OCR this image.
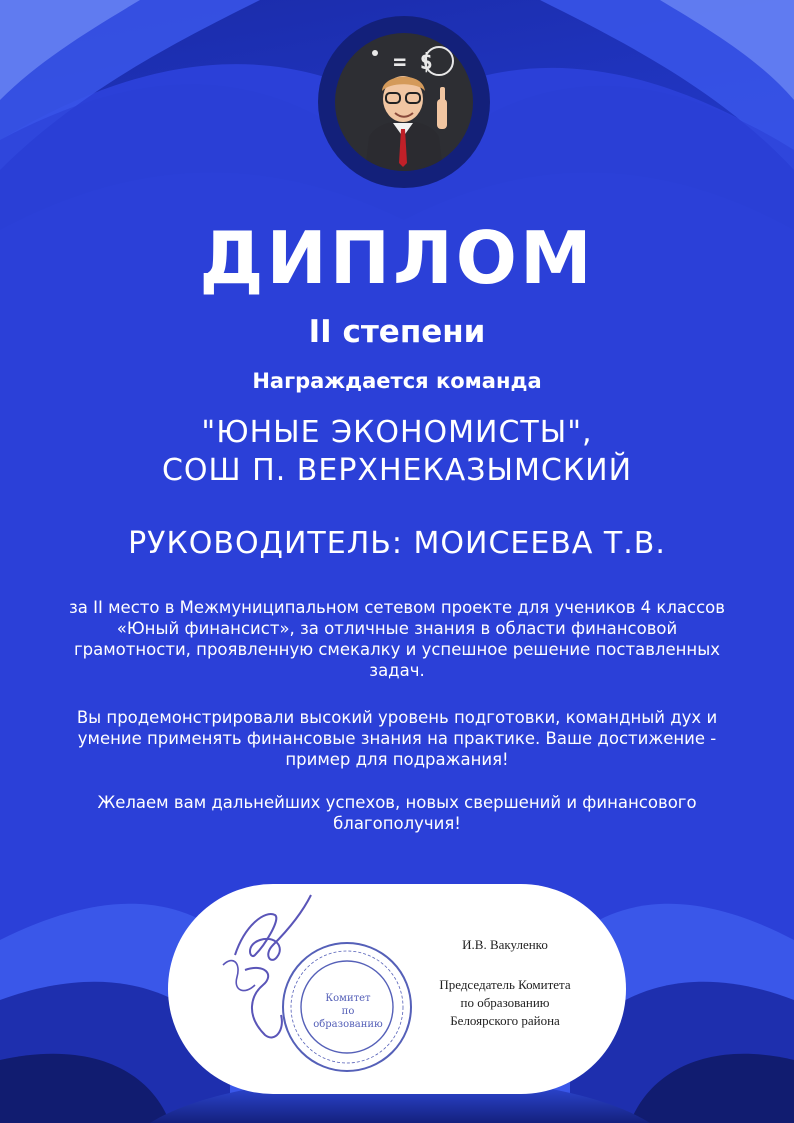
= $
ДИПЛОМ
II степени
Награждается команда
"ЮНЫЕ ЭКОНОМИСТЫ",
СОШ П. ВЕРХНЕКАЗЫМСКИЙ
РУКОВОДИТЕЛЬ: МОИСЕЕВА Т.В.
за II место в Межмуниципальном сетевом проекте для учеников 4 классов «Юный финансист», за отличные знания в области финансовой грамотности, проявленную смекалку и успешное решение поставленных задач.
Вы продемонстрировали высокий уровень подготовки, командный дух и умение применять финансовые знания на практике. Ваше достижение - пример для подражания!
Желаем вам дальнейших успехов, новых свершений и финансового благополучия!
Комитет
по
образованию
И.В. Вакуленко
Председатель Комитета
по образованию
Белоярского района
